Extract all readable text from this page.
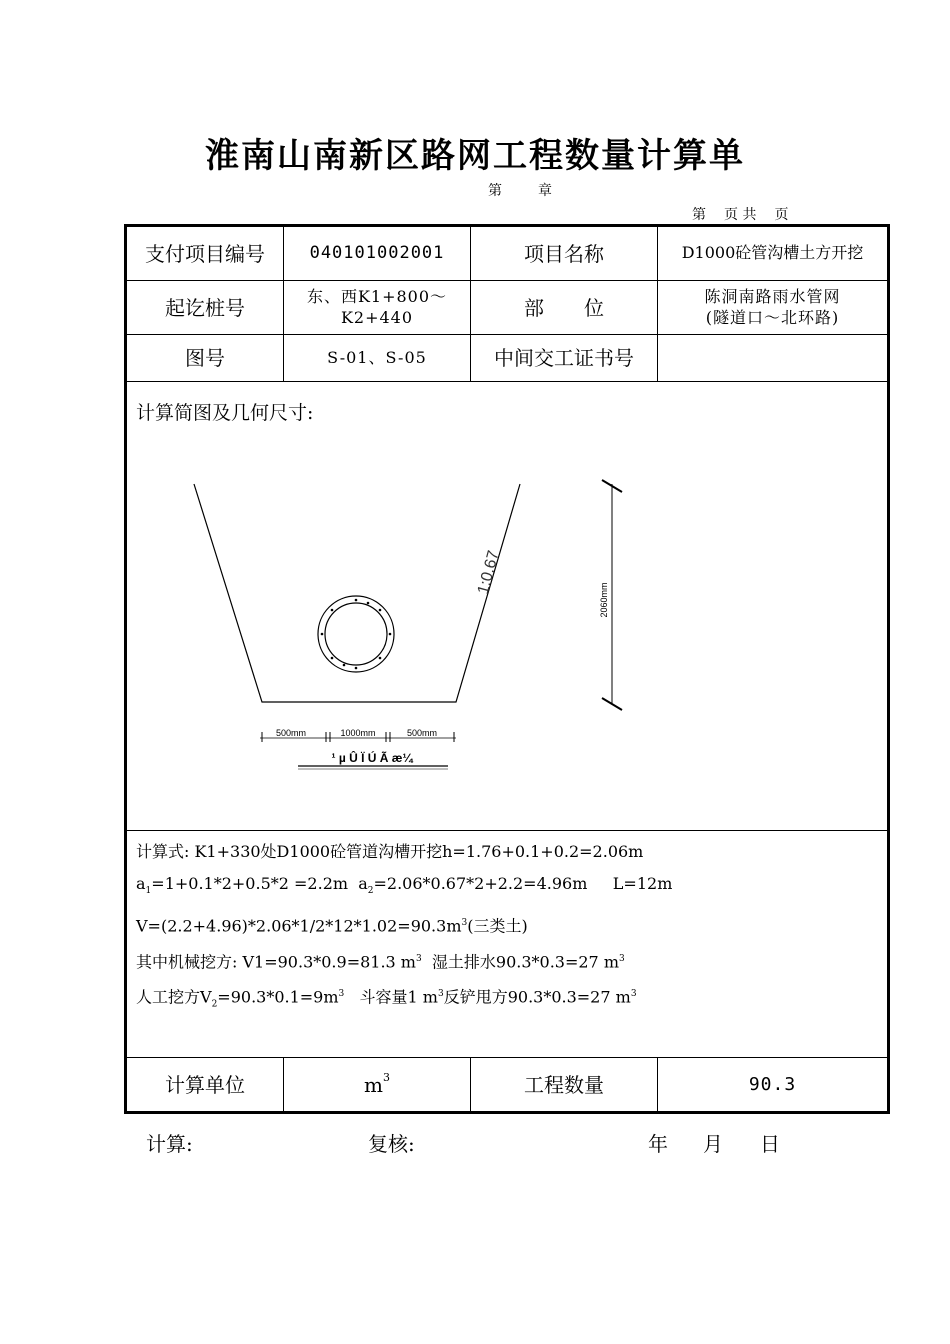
淮南山南新区路网工程数量计算单
第 章
第 页 共 页
支付项目编号	040101002001	项目名称	D1000砼管沟槽土方开挖
起讫桩号	东、西K1+800～
K2+440	部　　位	陈洞南路雨水管网
(隧道口～北环路)
图号	S-01、S-05	中间交工证书号
计算简图及几何尺寸:
1:0.67
2060mm
500mm	1000mm	500mm
¹ µ Û Ï Ú Ã æ¼
计算式: K1+330处D1000砼管道沟槽开挖h=1.76+0.1+0.2=2.06m
$a_1=1+0.1*2+0.5*2 =2.2m$  $a_2=2.06*0.67*2+2.2=4.96m$     L=12m
$V=(2.2+4.96)*2.06*1/2*12*1.02=90.3m^3$(三类土)
其中机械挖方: V1=90.3*0.9=81.3 $m^3$  湿土排水90.3*0.3=27 $m^3$
人工挖方$V_2=90.3*0.1=9m^3$   斗容量1 $m^3$反铲甩方90.3*0.3=27 $m^3$
计算单位	$m^3$	工程数量	90.3
计算:	复核:	年 月 日
